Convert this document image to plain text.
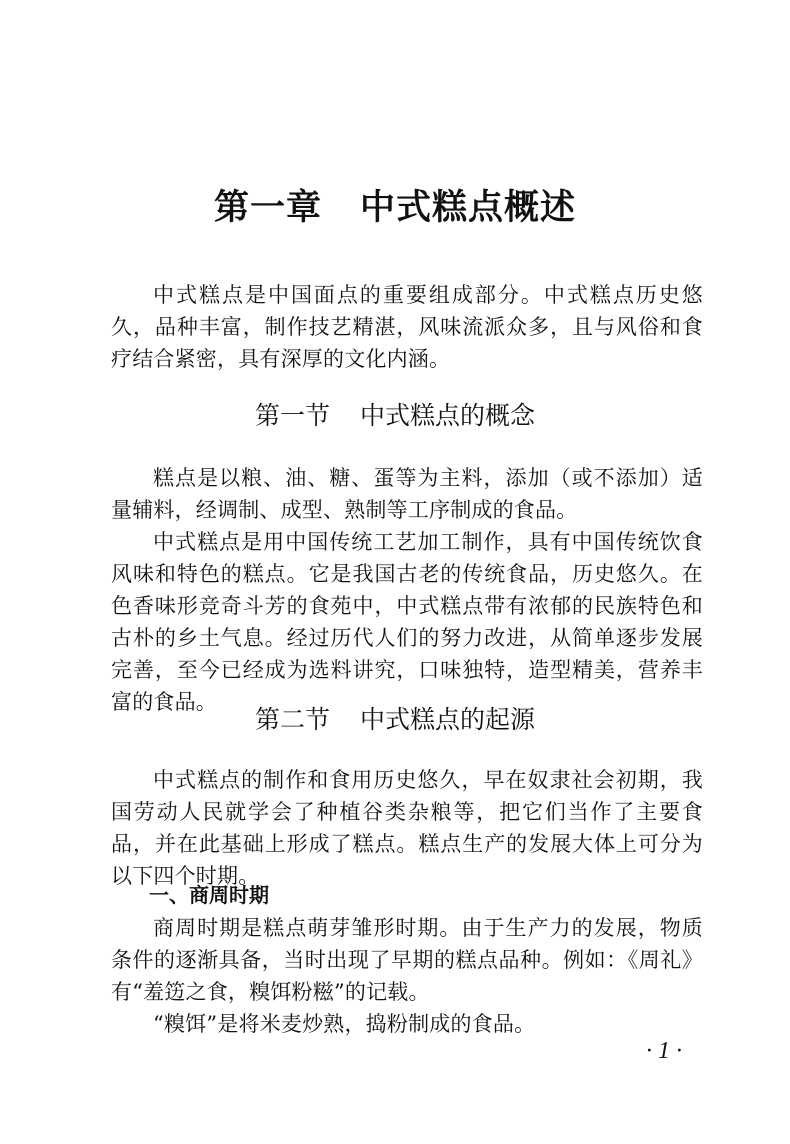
第一章 中式糕点概述

中式糕点是中国面点的重要组成部分。中式糕点历史悠久，品种丰富，制作技艺精湛，风味流派众多，且与风俗和食疗结合紧密，具有深厚的文化内涵。

第一节 中式糕点的概念

糕点是以粮、油、糖、蛋等为主料，添加（或不添加）适量辅料，经调制、成型、熟制等工序制成的食品。

中式糕点是用中国传统工艺加工制作，具有中国传统饮食风味和特色的糕点。它是我国古老的传统食品，历史悠久。在色香味形竞奇斗芳的食苑中，中式糕点带有浓郁的民族特色和古朴的乡土气息。经过历代人们的努力改进，从简单逐步发展完善，至今已经成为选料讲究，口味独特，造型精美，营养丰富的食品。

第二节 中式糕点的起源

中式糕点的制作和食用历史悠久，早在奴隶社会初期，我国劳动人民就学会了种植谷类杂粮等，把它们当作了主要食品，并在此基础上形成了糕点。糕点生产的发展大体上可分为以下四个时期。

一、商周时期

商周时期是糕点萌芽雏形时期。由于生产力的发展，物质条件的逐渐具备，当时出现了早期的糕点品种。例如：《周礼》有“羞笾之食，糗饵粉糍”的记载。

“糗饵”是将米麦炒熟，捣粉制成的食品。

· 1 ·
